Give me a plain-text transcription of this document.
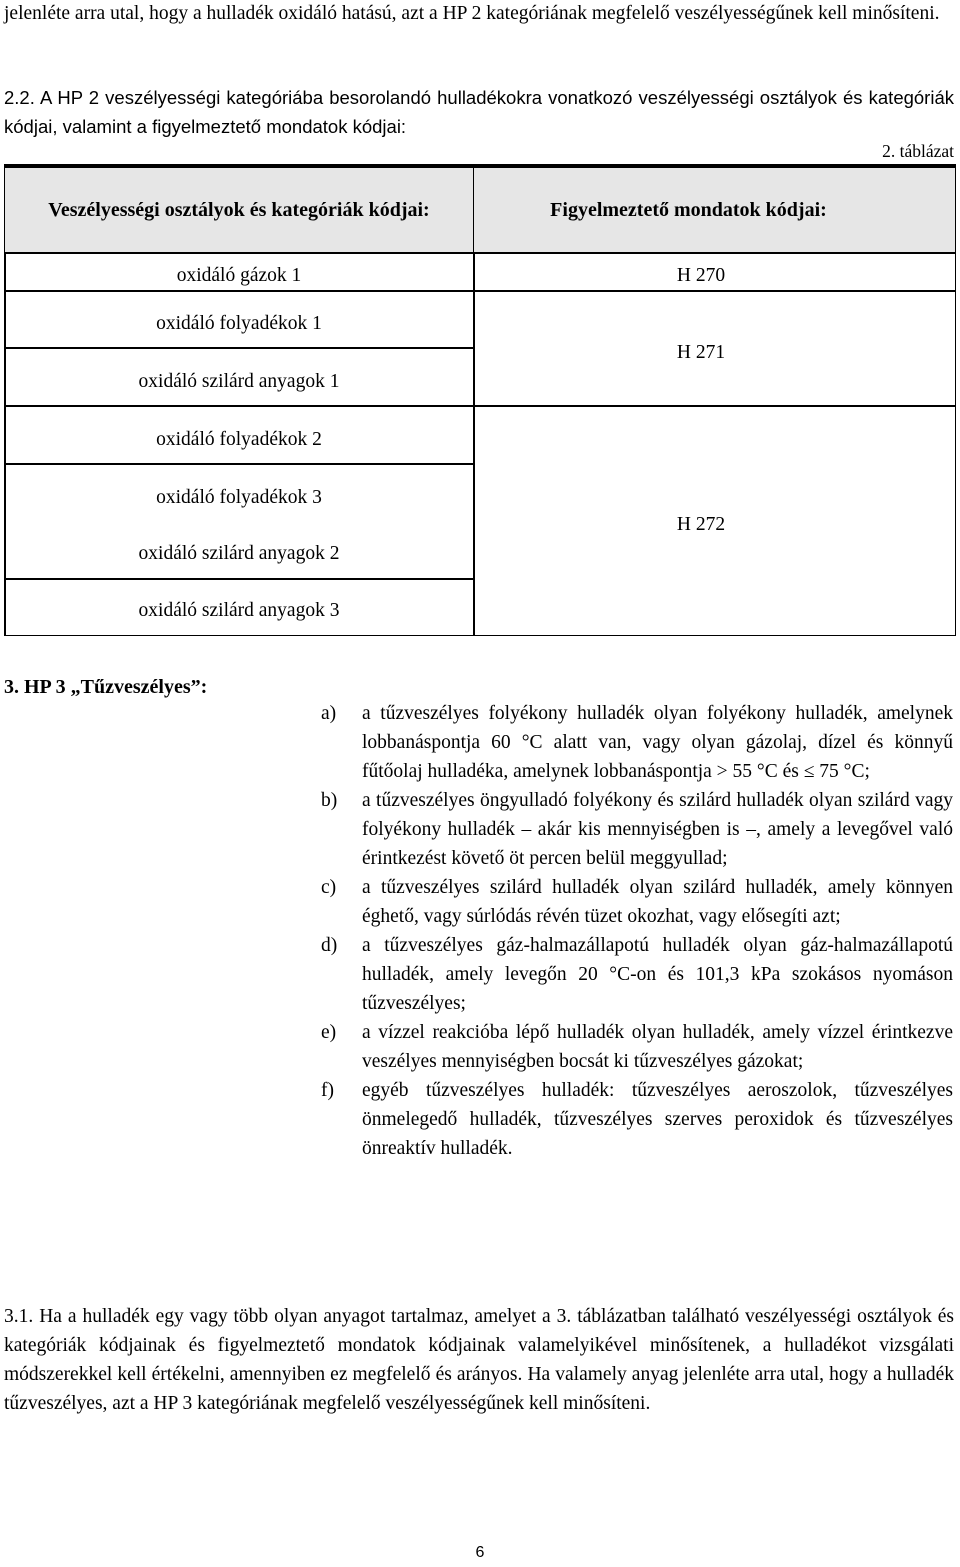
jelenléte arra utal, hogy a hulladék oxidáló hatású, azt a HP 2 kategóriának megfelelő veszélyességűnek kell minősíteni.

2.2. A HP 2 veszélyességi kategóriába besorolandó hulladékokra vonatkozó veszélyességi osztályok és kategóriák kódjai, valamint a figyelmeztető mondatok kódjai:

2. táblázat
Veszélyességi osztályok és kategóriák kódjai:	Figyelmeztető mondatok kódjai:
oxidáló gázok 1
oxidáló folyadékok 1
oxidáló szilárd anyagok 1
oxidáló folyadékok 2
oxidáló folyadékok 3
oxidáló szilárd anyagok 2
oxidáló szilárd anyagok 3
H 270
H 271
H 272
3. HP 3 „Tűzveszélyes”:

a) a tűzveszélyes folyékony hulladék olyan folyékony hulladék, amelynek lobbanáspontja 60 °C alatt van, vagy olyan gázolaj, dízel és könnyű fűtőolaj hulladéka, amelynek lobbanáspontja > 55 °C és ≤ 75 °C;

b) a tűzveszélyes öngyulladó folyékony és szilárd hulladék olyan szilárd vagy folyékony hulladék – akár kis mennyiségben is –, amely a levegővel való érintkezést követő öt percen belül meggyullad;

c) a tűzveszélyes szilárd hulladék olyan szilárd hulladék, amely könnyen éghető, vagy súrlódás révén tüzet okozhat, vagy elősegíti azt;

d) a tűzveszélyes gáz-halmazállapotú hulladék olyan gáz-halmazállapotú hulladék, amely levegőn 20 °C-on és 101,3 kPa szokásos nyomáson tűzveszélyes;

e) a vízzel reakcióba lépő hulladék olyan hulladék, amely vízzel érintkezve veszélyes mennyiségben bocsát ki tűzveszélyes gázokat;

f) egyéb tűzveszélyes hulladék: tűzveszélyes aeroszolok, tűzveszélyes önmelegedő hulladék, tűzveszélyes szerves peroxidok és tűzveszélyes önreaktív hulladék.

3.1. Ha a hulladék egy vagy több olyan anyagot tartalmaz, amelyet a 3. táblázatban található veszélyességi osztályok és kategóriák kódjainak és figyelmeztető mondatok kódjainak valamelyikével minősítenek, a hulladékot vizsgálati módszerekkel kell értékelni, amennyiben ez megfelelő és arányos. Ha valamely anyag jelenléte arra utal, hogy a hulladék tűzveszélyes, azt a HP 3 kategóriának megfelelő veszélyességűnek kell minősíteni.

6
